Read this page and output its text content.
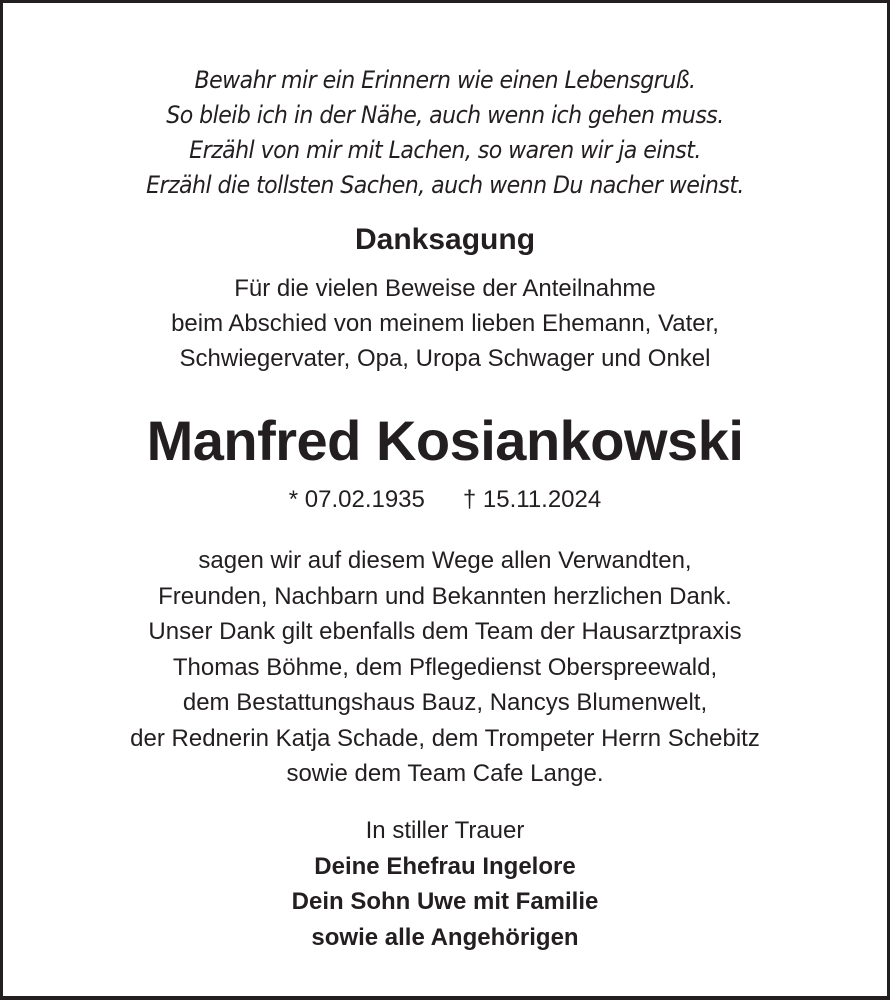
Bewahr mir ein Erinnern wie einen Lebensgruß.
So bleib ich in der Nähe, auch wenn ich gehen muss.
Erzähl von mir mit Lachen, so waren wir ja einst.
Erzähl die tollsten Sachen, auch wenn Du nacher weinst.
Danksagung
Für die vielen Beweise der Anteilnahme
beim Abschied von meinem lieben Ehemann, Vater,
Schwiegervater, Opa, Uropa Schwager und Onkel
Manfred Kosiankowski
* 07.02.1935 † 15.11.2024
sagen wir auf diesem Wege allen Verwandten,
Freunden, Nachbarn und Bekannten herzlichen Dank.
Unser Dank gilt ebenfalls dem Team der Hausarztpraxis
Thomas Böhme, dem Pflegedienst Oberspreewald,
dem Bestattungshaus Bauz, Nancys Blumenwelt,
der Rednerin Katja Schade, dem Trompeter Herrn Schebitz
sowie dem Team Cafe Lange.
In stiller Trauer
Deine Ehefrau Ingelore
Dein Sohn Uwe mit Familie
sowie alle Angehörigen
